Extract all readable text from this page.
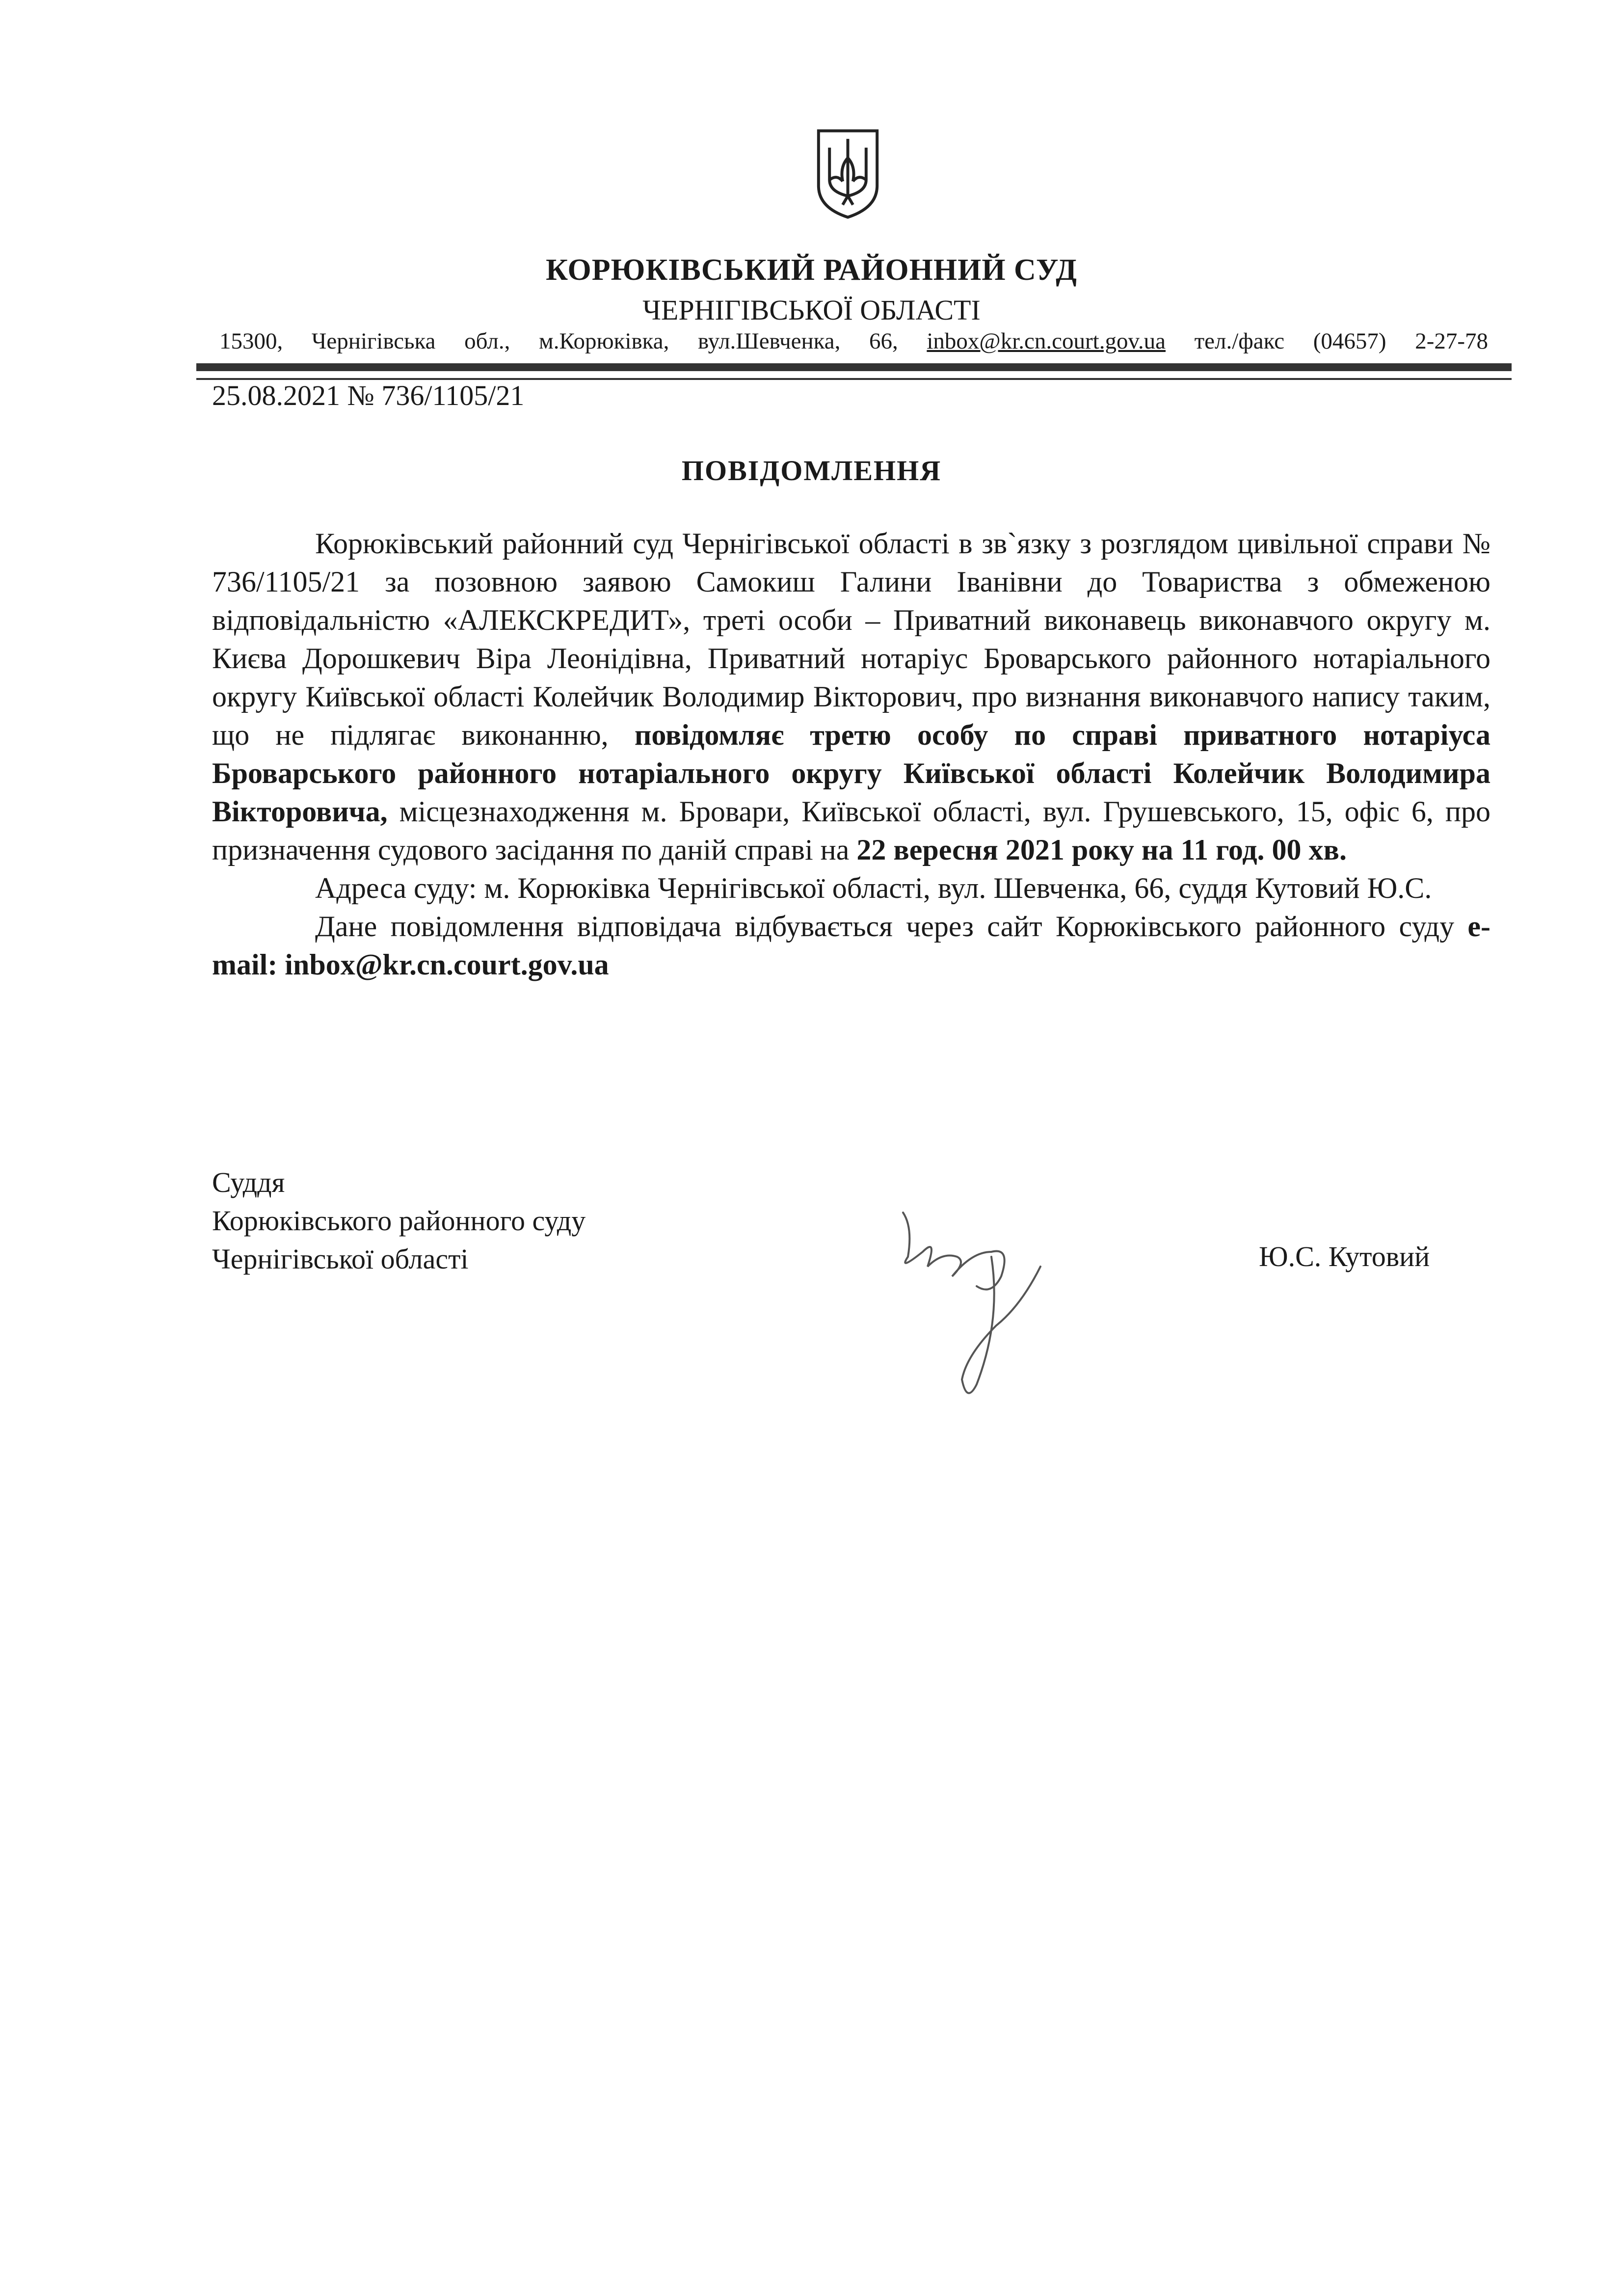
КОРЮКІВСЬКИЙ РАЙОННИЙ СУД
ЧЕРНІГІВСЬКОЇ ОБЛАСТІ
15300, Чернігівська обл., м.Корюківка, вул.Шевченка, 66, inbox@kr.cn.court.gov.ua тел./факс (04657) 2-27-78
25.08.2021 № 736/1105/21
ПОВІДОМЛЕННЯ

Корюківський районний суд Чернігівської області в зв`язку з розглядом цивільної справи № 736/1105/21 за позовною заявою Самокиш Галини Іванівни до Товариства з обмеженою відповідальністю «АЛЕКСКРЕДИТ», треті особи – Приватний виконавець виконавчого округу м. Києва Дорошкевич Віра Леонідівна, Приватний нотаріус Броварського районного нотаріального округу Київської області Колейчик Володимир Вікторович, про визнання виконавчого напису таким, що не підлягає виконанню, повідомляє третю особу по справі приватного нотаріуса Броварського районного нотаріального округу Київської області Колейчик Володимира Вікторовича, місцезнаходження м. Бровари, Київської області, вул. Грушевського, 15, офіс 6, про призначення судового засідання по даній справі на 22 вересня 2021 року на 11 год. 00 хв.

Адреса суду: м. Корюківка Чернігівської області, вул. Шевченка, 66, суддя Кутовий Ю.С.

Дане повідомлення відповідача відбувається через сайт Корюківського районного суду e-mail: inbox@kr.cn.court.gov.ua

Суддя
Корюківського районного суду
Чернігівської області	Ю.С. Кутовий
